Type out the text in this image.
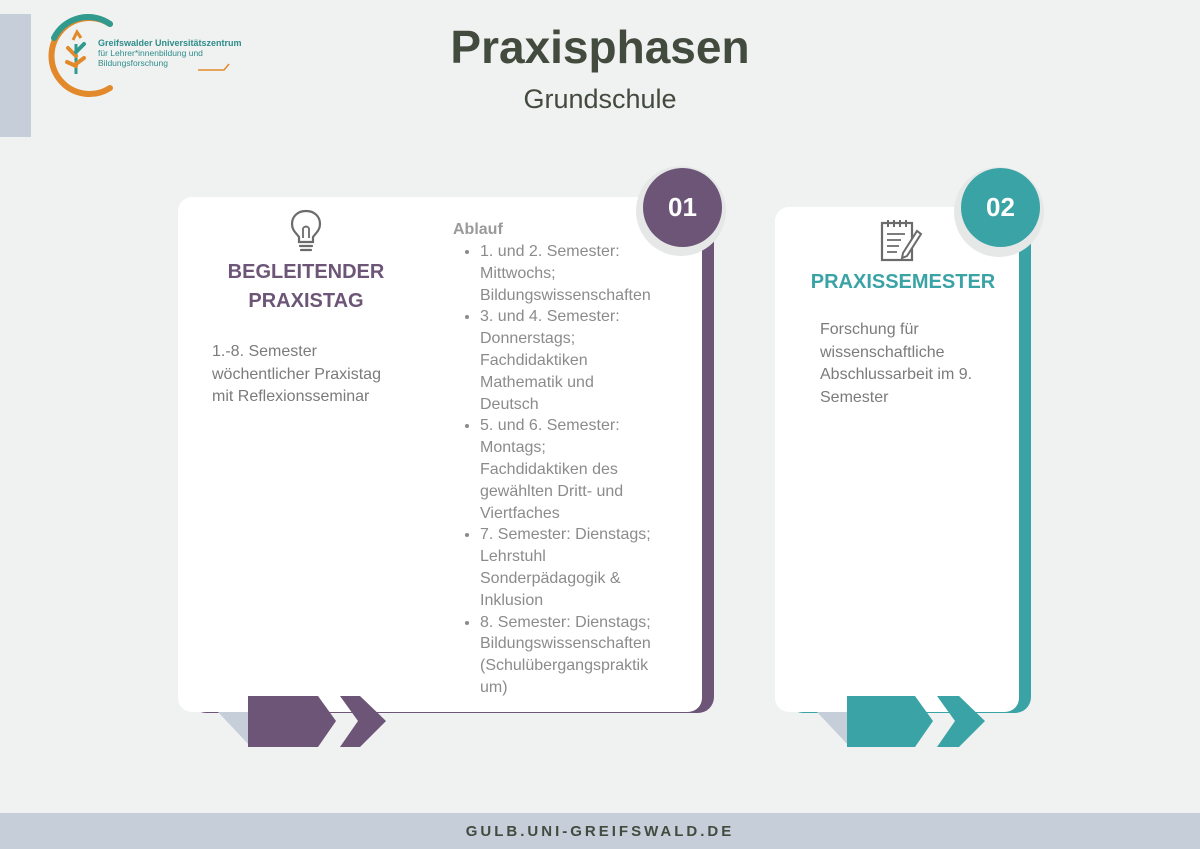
Greifswalder Universitätszentrum
für Lehrer*innenbildung und
Bildungsforschung	Praxisphasen
Grundschule
01
BEGLEITENDER
PRAXISTAG
1.-8. Semester
wöchentlicher Praxistag
mit Reflexionsseminar
Ablauf
• 1. und 2. Semester:
Mittwochs;
Bildungswissenschaften
• 3. und 4. Semester:
Donnerstags;
Fachdidaktiken
Mathematik und
Deutsch
• 5. und 6. Semester:
Montags;
Fachdidaktiken des
gewählten Dritt- und
Viertfaches
• 7. Semester: Dienstags;
Lehrstuhl
Sonderpädagogik &
Inklusion
• 8. Semester: Dienstags;
Bildungswissenschaften
(Schulübergangspraktik
um)
02
PRAXISSEMESTER
Forschung für
wissenschaftliche
Abschlussarbeit im 9.
Semester
GULB.UNI-GREIFSWALD.DE
